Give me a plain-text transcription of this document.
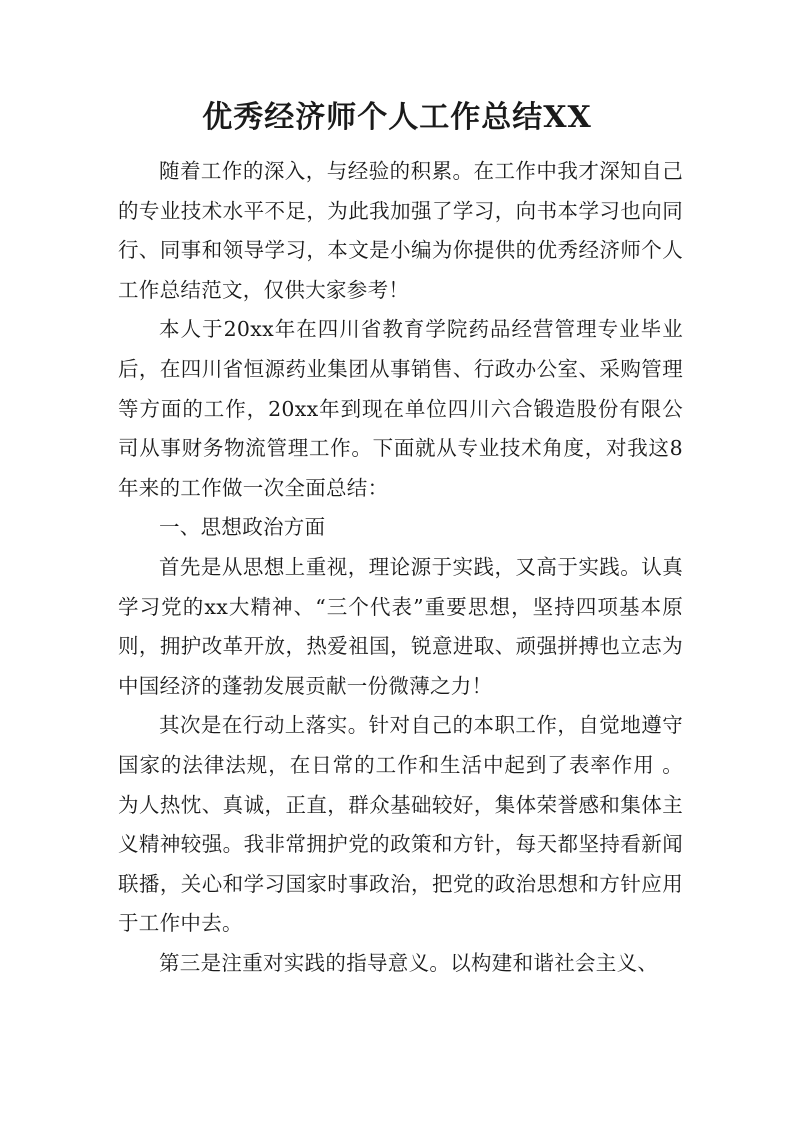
优秀经济师个人工作总结XX

随着工作的深入，与经验的积累。在工作中我才深知自己的专业技术水平不足，为此我加强了学习，向书本学习也向同行、同事和领导学习，本文是小编为你提供的优秀经济师个人工作总结范文，仅供大家参考！

本人于20xx年在四川省教育学院药品经营管理专业毕业后，在四川省恒源药业集团从事销售、行政办公室、采购管理等方面的工作，20xx年到现在单位四川六合锻造股份有限公司从事财务物流管理工作。下面就从专业技术角度，对我这8年来的工作做一次全面总结：

一、思想政治方面

首先是从思想上重视，理论源于实践，又高于实践。认真学习党的xx大精神、“三个代表”重要思想，坚持四项基本原则，拥护改革开放，热爱祖国，锐意进取、顽强拼搏也立志为中国经济的蓬勃发展贡献一份微薄之力！

其次是在行动上落实。针对自己的本职工作，自觉地遵守国家的法律法规，在日常的工作和生活中起到了表率作用 。为人热忱、真诚，正直，群众基础较好，集体荣誉感和集体主义精神较强。我非常拥护党的政策和方针，每天都坚持看新闻联播，关心和学习国家时事政治，把党的政治思想和方针应用于工作中去。

第三是注重对实践的指导意义。以构建和谐社会主义、
